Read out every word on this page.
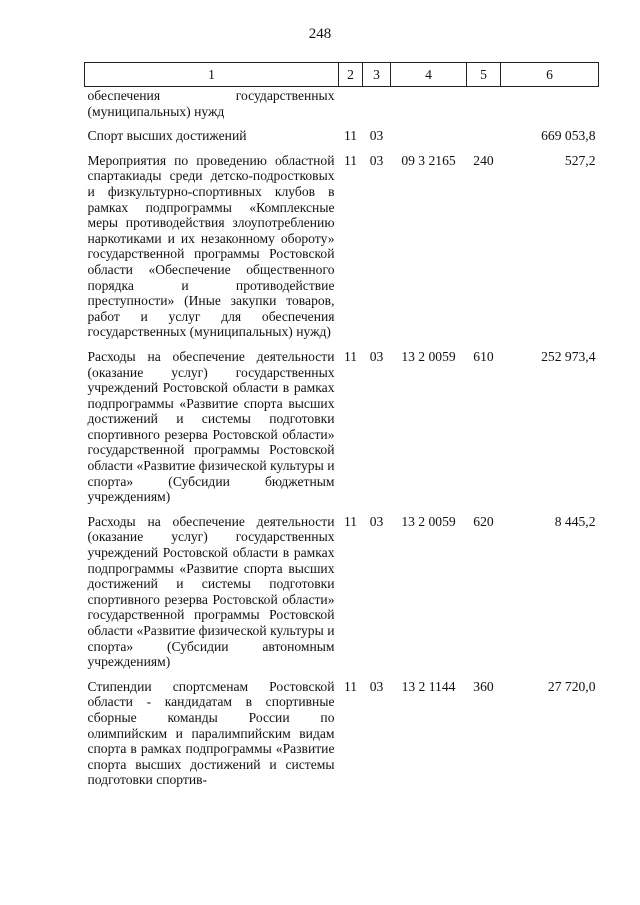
248
1	2	3	4	5	6
обеспечения государственных (муниципальных) нужд					
Спорт высших достижений	11	03			669 053,8
Мероприятия по проведению областной спартакиады среди детско-подростковых и физкультурно-спортивных клубов в рамках подпрограммы «Комплексные меры противодействия злоупотреблению наркотиками и их незаконному обороту» государственной программы Ростовской области «Обеспечение общественного порядка и противодействие преступности» (Иные закупки товаров, работ и услуг для обеспечения государственных (муниципальных) нужд)	11	03	09 3 2165	240	527,2
Расходы на обеспечение деятельности (оказание услуг) государственных учреждений Ростовской области в рамках подпрограммы «Развитие спорта высших достижений и системы подготовки спортивного резерва Ростовской области» государственной программы Ростовской области «Развитие физической культуры и спорта» (Субсидии бюджетным учреждениям)	11	03	13 2 0059	610	252 973,4
Расходы на обеспечение деятельности (оказание услуг) государственных учреждений Ростовской области в рамках подпрограммы «Развитие спорта высших достижений и системы подготовки спортивного резерва Ростовской области» государственной программы Ростовской области «Развитие физической культуры и спорта» (Субсидии автономным учреждениям)	11	03	13 2 0059	620	8 445,2
Стипендии спортсменам Ростовской области - кандидатам в спортивные сборные команды России по олимпийским и паралимпийским видам спорта в рамках подпрограммы «Развитие спорта высших достижений и системы подготовки спортив-	11	03	13 2 1144	360	27 720,0
